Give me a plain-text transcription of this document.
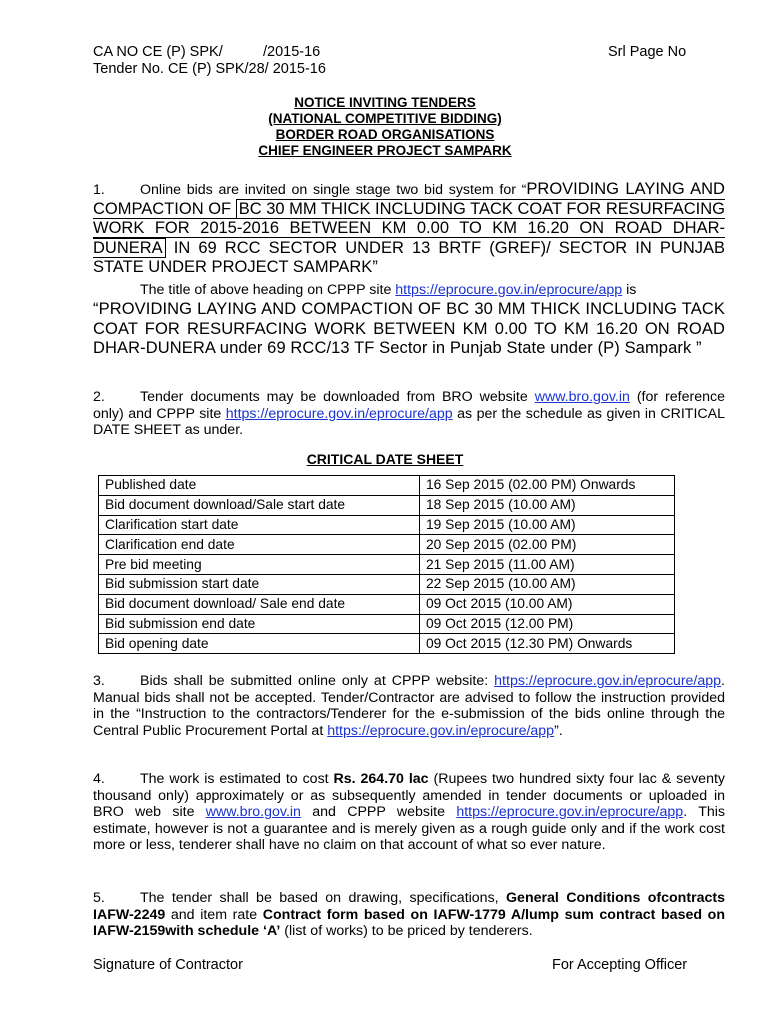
CA NO CE (P) SPK/          /2015-16
Tender No. CE (P) SPK/28/ 2015-16
Srl Page No
NOTICE INVITING TENDERS
(NATIONAL COMPETITIVE BIDDING)
BORDER ROAD ORGANISATIONS
CHIEF ENGINEER PROJECT SAMPARK
1. Online bids are invited on single stage two bid system for “PROVIDING LAYING AND COMPACTION OF BC 30 MM THICK INCLUDING TACK COAT FOR RESURFACING WORK FOR 2015-2016 BETWEEN KM 0.00 TO KM 16.20 ON ROAD DHAR-DUNERA IN 69 RCC SECTOR UNDER 13 BRTF (GREF)/ SECTOR IN PUNJAB STATE UNDER PROJECT SAMPARK”
The title of above heading on CPPP site https://eprocure.gov.in/eprocure/app is
“PROVIDING LAYING AND COMPACTION OF BC 30 MM THICK INCLUDING TACK COAT FOR RESURFACING WORK BETWEEN KM 0.00 TO KM 16.20 ON ROAD DHAR-DUNERA under 69 RCC/13 TF Sector in Punjab State under (P) Sampark ”
2. Tender documents may be downloaded from BRO website www.bro.gov.in (for reference only) and CPPP site https://eprocure.gov.in/eprocure/app as per the schedule as given in CRITICAL DATE SHEET as under.
CRITICAL DATE SHEET
Published date	16 Sep 2015 (02.00 PM) Onwards
Bid document download/Sale start date	18 Sep 2015 (10.00 AM)
Clarification start date	19 Sep 2015 (10.00 AM)
Clarification end date	20 Sep 2015 (02.00 PM)
Pre bid meeting	21 Sep 2015 (11.00 AM)
Bid submission start date	22 Sep 2015 (10.00 AM)
Bid document download/ Sale end date	09 Oct 2015 (10.00 AM)
Bid submission end date	09 Oct 2015 (12.00 PM)
Bid opening date	09 Oct 2015 (12.30 PM) Onwards
3. Bids shall be submitted online only at CPPP website: https://eprocure.gov.in/eprocure/app. Manual bids shall not be accepted. Tender/Contractor are advised to follow the instruction provided in the “Instruction to the contractors/Tenderer for the e-submission of the bids online through the Central Public Procurement Portal at https://eprocure.gov.in/eprocure/app”.
4. The work is estimated to cost Rs. 264.70 lac (Rupees two hundred sixty four lac & seventy thousand only) approximately or as subsequently amended in tender documents or uploaded in BRO web site www.bro.gov.in and CPPP website https://eprocure.gov.in/eprocure/app. This estimate, however is not a guarantee and is merely given as a rough guide only and if the work cost more or less, tenderer shall have no claim on that account of what so ever nature.
5. The tender shall be based on drawing, specifications, General Conditions ofcontracts IAFW-2249 and item rate Contract form based on IAFW-1779 A/lump sum contract based on IAFW-2159with schedule ‘A’ (list of works) to be priced by tenderers.
Signature of Contractor	For Accepting Officer
